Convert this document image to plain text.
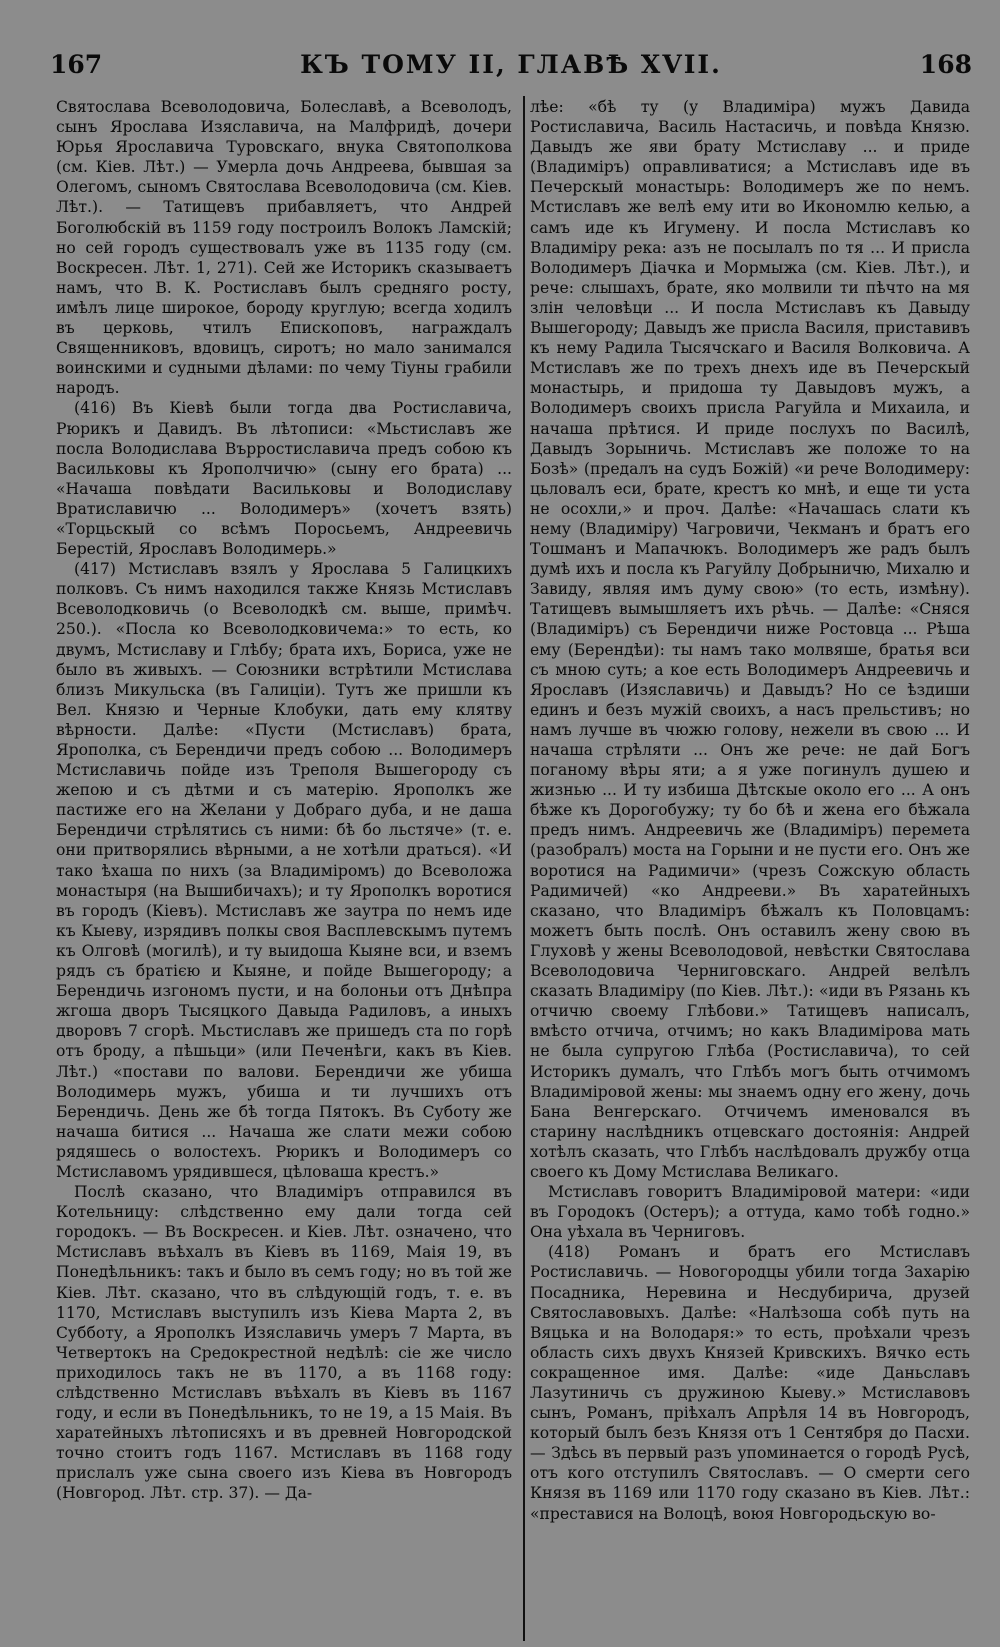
167	КЪ ТОМУ II, ГЛАВѢ XVII.	168

Святослава Всеволодовича, Болеславѣ, а Всеволодъ, сынъ Ярослава Изяславича, на Малфридѣ, дочери Юрья Ярославича Туровскаго, внука Святополкова (см. Кіев. Лѣт.) — Умерла дочь Андреева, бывшая за Олегомъ, сыномъ Святослава Всеволодовича (см. Кіев. Лѣт.). — Татищевъ прибавляетъ, что Андрей Боголюбскій въ 1159 году построилъ Волокъ Ламскій; но сей городъ существовалъ уже въ 1135 году (см. Воскресен. Лѣт. 1, 271). Сей же Историкъ сказываетъ намъ, что В. К. Ростиславъ былъ средняго росту, имѣлъ лице широкое, бороду круглую; всегда ходилъ въ церковь, чтилъ Епископовъ, награждалъ Священниковъ, вдовицъ, сиротъ; но мало занимался воинскими и судными дѣлами: по чему Тіуны грабили народъ.

(416) Въ Кіевѣ были тогда два Ростиславича, Рюрикъ и Давидъ. Въ лѣтописи: «Мьстиславъ же посла Володислава Върростиславича предъ собою къ Васильковы къ Ярополчичю» (сыну его брата) ... «Начаша повѣдати Васильковы и Володиславу Вратиславичю ... Володимеръ» (хочетъ взять) «Торцьскый со всѣмъ Поросьемъ, Андреевичь Берестій, Ярославъ Володимерь.»

(417) Мстиславъ взялъ у Ярослава 5 Галицкихъ полковъ. Съ нимъ находился также Князь Мстиславъ Всеволодковичь (о Всеволодкѣ см. выше, примѣч. 250.). «Посла ко Всеволодковичема:» то есть, ко двумъ, Мстиславу и Глѣбу; брата ихъ, Бориса, уже не было въ живыхъ. — Союзники встрѣтили Мстислава близъ Микульска (въ Галиціи). Тутъ же пришли къ Вел. Князю и Черные Клобуки, дать ему клятву вѣрности. Далѣе: «Пусти (Мстиславъ) брата, Ярополка, съ Берендичи предъ собою ... Володимеръ Мстиславичь пойде изъ Треполя Вышегороду съ жепою и съ дѣтми и съ матерію. Ярополкъ же пастиже его на Желани у Добраго дуба, и не даша Берендичи стрѣлятись съ ними: бѣ бо льстяче» (т. е. они притворялись вѣрными, а не хотѣли драться). «И тако ѣхаша по нихъ (за Владиміромъ) до Всеволожа монастыря (на Вышибичахъ); и ту Ярополкъ воротися въ городъ (Кіевъ). Мстиславъ же заутра по немъ иде къ Кыеву, изрядивъ полкы своя Васплевскымъ путемъ къ Олговѣ (могилѣ), и ту выидоша Кыяне вси, и вземъ рядъ съ братією и Кыяне, и пойде Вышегороду; а Берендичь изгономъ пусти, и на болоньи отъ Днѣпра жгоша дворъ Тысяцкого Давыда Радиловъ, а иныхъ дворовъ 7 сгорѣ. Мьстиславъ же пришедъ ста по горѣ отъ броду, а пѣшьци» (или Печенѣги, какъ въ Кіев. Лѣт.) «постави по валови. Берендичи же убиша Володимерь мужъ, убиша и ти лучшихъ отъ Берендичь. День же бѣ тогда Пятокъ. Въ Суботу же начаша битися ... Начаша же слати межи собою рядяшесь о волостехъ. Рюрикъ и Володимеръ со Мстиславомъ урядившеся, цѣловаша крестъ.»

Послѣ сказано, что Владиміръ отправился въ Котельницу: слѣдственно ему дали тогда сей городокъ. — Въ Воскресен. и Кіев. Лѣт. означено, что Мстиславъ въѣхалъ въ Кіевъ въ 1169, Маія 19, въ Понедѣльникъ: такъ и было въ семъ году; но въ той же Кіев. Лѣт. сказано, что въ слѣдующій годъ, т. е. въ 1170, Мстиславъ выступилъ изъ Кіева Марта 2, въ Субботу, а Ярополкъ Изяславичь умеръ 7 Марта, въ Четвертокъ на Средокрестной недѣлѣ: сіе же число приходилось такъ не въ 1170, а въ 1168 году: слѣдственно Мстиславъ въѣхалъ въ Кіевъ въ 1167 году, и если въ Понедѣльникъ, то не 19, а 15 Маія. Въ харатейныхъ лѣтописяхъ и въ древней Новгородской точно стоитъ годъ 1167. Мстиславъ въ 1168 году прислалъ уже сына своего изъ Кіева въ Новгородъ (Новгород. Лѣт. стр. 37). — Да-

лѣе: «бѣ ту (у Владиміра) мужъ Давида Ростиславича, Василь Настасичь, и повѣда Князю. Давыдъ же яви брату Мстиславу ... и приде (Владиміръ) оправливатися; а Мстиславъ иде въ Печерскый монастырь: Володимеръ же по немъ. Мстиславъ же велѣ ему ити во Икономлю келью, а самъ иде къ Игумену. И посла Мстиславъ ко Владиміру река: азъ не посылалъ по тя ... И присла Володимеръ Діачка и Мормыжа (см. Кіев. Лѣт.), и рече: слышахъ, брате, яко молвили ти пѣчто на мя злін человѣци ... И посла Мстиславъ къ Давыду Вышегороду; Давыдъ же присла Василя, приставивъ къ нему Радила Тысячскаго и Василя Волковича. А Мстиславъ же по трехъ днехъ иде въ Печерскый монастырь, и придоша ту Давыдовъ мужъ, а Володимеръ своихъ присла Рагуйла и Михаила, и начаша прѣтися. И приде послухъ по Василѣ, Давыдъ Зорыничь. Мстиславъ же положе то на Бозѣ» (предалъ на судъ Божій) «и рече Володимеру: цьловалъ еси, брате, крестъ ко мнѣ, и еще ти уста не осохли,» и проч. Далѣе: «Начашась слати къ нему (Владиміру) Чагровичи, Чекманъ и братъ его Тошманъ и Мапачюкъ. Володимеръ же радъ былъ думѣ ихъ и посла къ Рагуйлу Добрыничю, Михалю и Завиду, являя имъ думу свою» (то есть, измѣну). Татищевъ вымышляетъ ихъ рѣчь. — Далѣе: «Сняся (Владиміръ) съ Берендичи ниже Ростовца ... Рѣша ему (Берендѣи): ты намъ тако молвяше, братья вси съ мною суть; а кое есть Володимеръ Андреевичь и Ярославъ (Изяславичь) и Давыдъ? Но се ѣздиши единъ и безъ мужій своихъ, а насъ прельстивъ; но намъ лучше въ чюжю голову, нежели въ свою ... И начаша стрѣляти ... Онъ же рече: не дай Богъ поганому вѣры яти; а я уже погинулъ душею и жизнью ... И ту избиша Дѣтскые около его ... А онъ бѣже къ Дорогобужу; ту бо бѣ и жена его бѣжала предъ нимъ. Андреевичь же (Владиміръ) перемета (разобралъ) моста на Горыни и не пусти его. Онъ же воротися на Радимичи» (чрезъ Сожскую область Радимичей) «ко Андрееви.» Въ харатейныхъ сказано, что Владиміръ бѣжалъ къ Половцамъ: можетъ быть послѣ. Онъ оставилъ жену свою въ Глуховѣ у жены Всеволодовой, невѣстки Святослава Всеволодовича Черниговскаго. Андрей велѣлъ сказать Владиміру (по Кіев. Лѣт.): «иди въ Рязань къ отчичю своему Глѣбови.» Татищевъ написалъ, вмѣсто отчича, отчимъ; но какъ Владимірова мать не была супругою Глѣба (Ростиславича), то сей Историкъ думалъ, что Глѣбъ могъ быть отчимомъ Владиміровой жены: мы знаемъ одну его жену, дочь Бана Венгерскаго. Отчичемъ именовался въ старину наслѣдникъ отцевскаго достоянія: Андрей хотѣлъ сказать, что Глѣбъ наслѣдовалъ дружбу отца своего къ Дому Мстислава Великаго.

Мстиславъ говоритъ Владиміровой матери: «иди въ Городокъ (Остеръ); а оттуда, камо тобѣ годно.» Она уѣхала въ Черниговъ.

(418) Романъ и братъ его Мстиславъ Ростиславичь. — Новогородцы убили тогда Захарію Посадника, Неревина и Несдубирича, друзей Святославовыхъ. Далѣе: «Налѣзоша собѣ путь на Вяцька и на Володаря:» то есть, проѣхали чрезъ область сихъ двухъ Князей Кривскихъ. Вячко есть сокращенное имя. Далѣе: «иде Даньславъ Лазутиничь съ дружиною Кыеву.» Мстиславовъ сынъ, Романъ, пріѣхалъ Апрѣля 14 въ Новгородъ, который былъ безъ Князя отъ 1 Сентября до Пасхи. — Здѣсь въ первый разъ упоминается о городѣ Русѣ, отъ кого отступилъ Святославъ. — О смерти сего Князя въ 1169 или 1170 году сказано въ Кіев. Лѣт.: «преставися на Волоцѣ, воюя Новгородьскую во-
